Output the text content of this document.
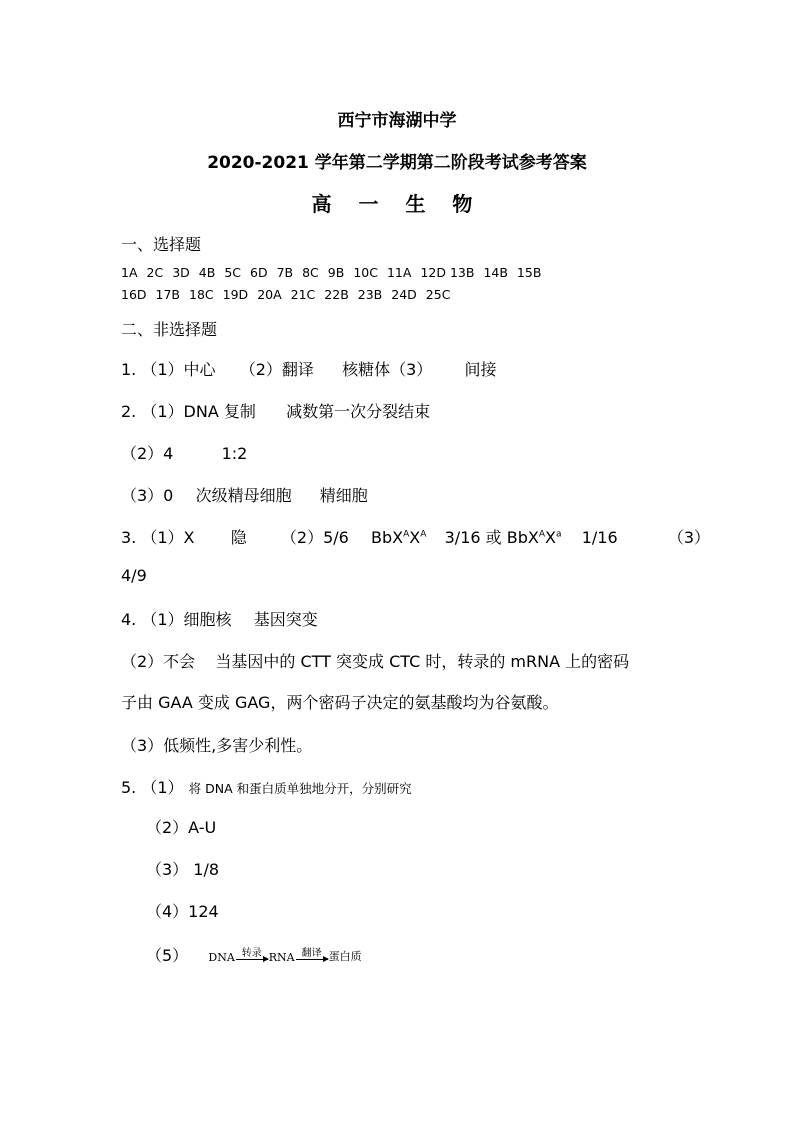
西宁市海湖中学
2020-2021 学年第二学期第二阶段考试参考答案
高 一 生 物
一、选择题
1A 2C 3D 4B 5C 6D 7B 8C 9B 10C 11A 12D 13B 14B 15B
16D 17B 18C 19D 20A 21C 22B 23B 24D 25C
二、非选择题
1. （1）中心 （2）翻译 核糖体（3） 间接
2. （1）DNA 复制 减数第一次分裂结束
（2）4	1:2
（3）0 次级精母细胞 精细胞
3. （1）X 隐 （2）5/6 $BbX^AX^A$ 3/16 或 $BbX^AX^a$ 1/16	（3）
4/9
4. （1）细胞核 基因突变
（2）不会 当基因中的 CTT 突变成 CTC 时，转录的 mRNA 上的密码
子由 GAA 变成 GAG，两个密码子决定的氨基酸均为谷氨酸。
（3）低频性,多害少利性。
5. （1） 将 DNA 和蛋白质单独地分开，分别研究
（2）A-U
（3） 1/8
（4）124
（5） DNA 转录 RNA 翻译 蛋白质
